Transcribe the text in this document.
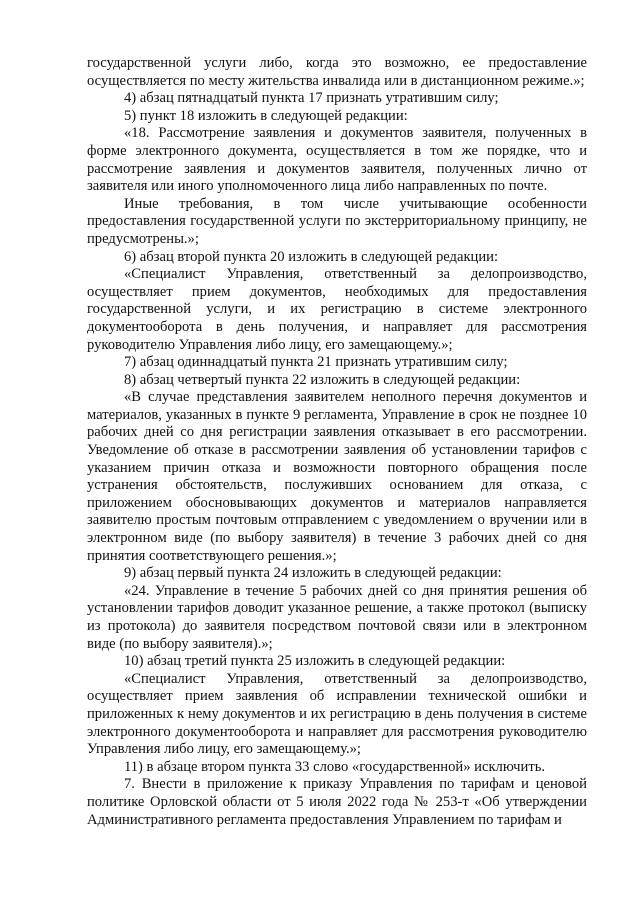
государственной услуги либо, когда это возможно, ее предоставление осуществляется по месту жительства инвалида или в дистанционном режиме.»;

4) абзац пятнадцатый пункта 17 признать утратившим силу;

5) пункт 18 изложить в следующей редакции:

«18. Рассмотрение заявления и документов заявителя, полученных в форме электронного документа, осуществляется в том же порядке, что и рассмотрение заявления и документов заявителя, полученных лично от заявителя или иного уполномоченного лица либо направленных по почте.

Иные требования, в том числе учитывающие особенности предоставления государственной услуги по экстерриториальному принципу, не предусмотрены.»;

6) абзац второй пункта 20 изложить в следующей редакции:

«Специалист Управления, ответственный за делопроизводство, осуществляет прием документов, необходимых для предоставления государственной услуги, и их регистрацию в системе электронного документооборота в день получения, и направляет для рассмотрения руководителю Управления либо лицу, его замещающему.»;

7) абзац одиннадцатый пункта 21 признать утратившим силу;

8) абзац четвертый пункта 22 изложить в следующей редакции:

«В случае представления заявителем неполного перечня документов и материалов, указанных в пункте 9 регламента, Управление в срок не позднее 10 рабочих дней со дня регистрации заявления отказывает в его рассмотрении. Уведомление об отказе в рассмотрении заявления об установлении тарифов с указанием причин отказа и возможности повторного обращения после устранения обстоятельств, послуживших основанием для отказа, с приложением обосновывающих документов и материалов направляется заявителю простым почтовым отправлением с уведомлением о вручении или в электронном виде (по выбору заявителя) в течение 3 рабочих дней со дня принятия соответствующего решения.»;

9) абзац первый пункта 24 изложить в следующей редакции:

«24. Управление в течение 5 рабочих дней со дня принятия решения об установлении тарифов доводит указанное решение, а также протокол (выписку из протокола) до заявителя посредством почтовой связи или в электронном виде (по выбору заявителя).»;

10) абзац третий пункта 25 изложить в следующей редакции:

«Специалист Управления, ответственный за делопроизводство, осуществляет прием заявления об исправлении технической ошибки и приложенных к нему документов и их регистрацию в день получения в системе электронного документооборота и направляет для рассмотрения руководителю Управления либо лицу, его замещающему.»;

11) в абзаце втором пункта 33 слово «государственной» исключить.

7. Внести в приложение к приказу Управления по тарифам и ценовой политике Орловской области от 5 июля 2022 года № 253-т «Об утверждении Административного регламента предоставления Управлением по тарифам и
